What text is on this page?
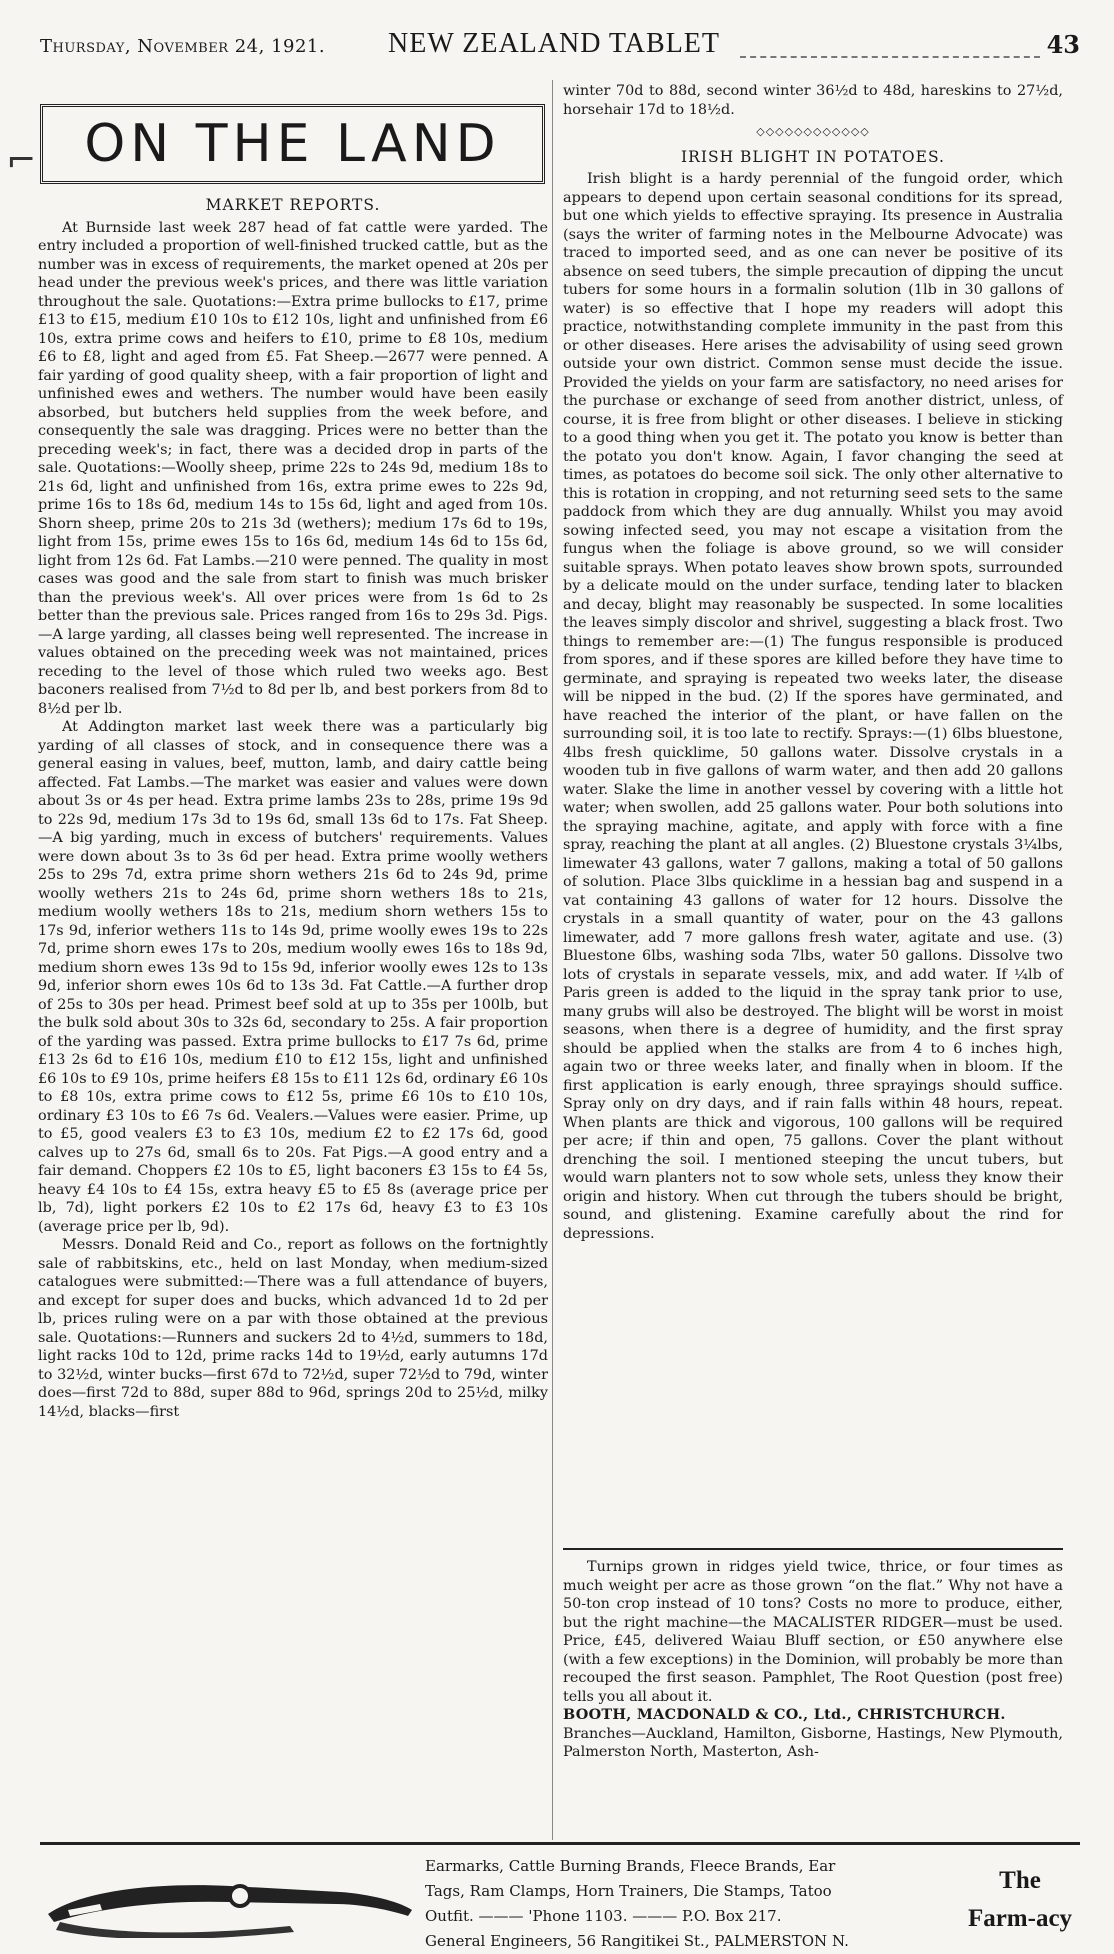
Thursday, November 24, 1921. NEW ZEALAND TABLET	43
⌐ ON THE LAND
MARKET REPORTS.

At Burnside last week 287 head of fat cattle were yarded. The entry included a proportion of well-finished trucked cattle, but as the number was in excess of requirements, the market opened at 20s per head under the previous week's prices, and there was little variation throughout the sale. Quotations:—Extra prime bullocks to £17, prime £13 to £15, medium £10 10s to £12 10s, light and unfinished from £6 10s, extra prime cows and heifers to £10, prime to £8 10s, medium £6 to £8, light and aged from £5. Fat Sheep.—2677 were penned. A fair yarding of good quality sheep, with a fair proportion of light and unfinished ewes and wethers. The number would have been easily absorbed, but butchers held supplies from the week before, and consequently the sale was dragging. Prices were no better than the preceding week's; in fact, there was a decided drop in parts of the sale. Quotations:—Woolly sheep, prime 22s to 24s 9d, medium 18s to 21s 6d, light and unfinished from 16s, extra prime ewes to 22s 9d, prime 16s to 18s 6d, medium 14s to 15s 6d, light and aged from 10s. Shorn sheep, prime 20s to 21s 3d (wethers); medium 17s 6d to 19s, light from 15s, prime ewes 15s to 16s 6d, medium 14s 6d to 15s 6d, light from 12s 6d. Fat Lambs.—210 were penned. The quality in most cases was good and the sale from start to finish was much brisker than the previous week's. All over prices were from 1s 6d to 2s better than the previous sale. Prices ranged from 16s to 29s 3d. Pigs.—A large yarding, all classes being well represented. The increase in values obtained on the preceding week was not maintained, prices receding to the level of those which ruled two weeks ago. Best baconers realised from 7½d to 8d per lb, and best porkers from 8d to 8½d per lb.

At Addington market last week there was a particularly big yarding of all classes of stock, and in consequence there was a general easing in values, beef, mutton, lamb, and dairy cattle being affected. Fat Lambs.—The market was easier and values were down about 3s or 4s per head. Extra prime lambs 23s to 28s, prime 19s 9d to 22s 9d, medium 17s 3d to 19s 6d, small 13s 6d to 17s. Fat Sheep.—A big yarding, much in excess of butchers' requirements. Values were down about 3s to 3s 6d per head. Extra prime woolly wethers 25s to 29s 7d, extra prime shorn wethers 21s 6d to 24s 9d, prime woolly wethers 21s to 24s 6d, prime shorn wethers 18s to 21s, medium woolly wethers 18s to 21s, medium shorn wethers 15s to 17s 9d, inferior wethers 11s to 14s 9d, prime woolly ewes 19s to 22s 7d, prime shorn ewes 17s to 20s, medium woolly ewes 16s to 18s 9d, medium shorn ewes 13s 9d to 15s 9d, inferior woolly ewes 12s to 13s 9d, inferior shorn ewes 10s 6d to 13s 3d. Fat Cattle.—A further drop of 25s to 30s per head. Primest beef sold at up to 35s per 100lb, but the bulk sold about 30s to 32s 6d, secondary to 25s. A fair proportion of the yarding was passed. Extra prime bullocks to £17 7s 6d, prime £13 2s 6d to £16 10s, medium £10 to £12 15s, light and unfinished £6 10s to £9 10s, prime heifers £8 15s to £11 12s 6d, ordinary £6 10s to £8 10s, extra prime cows to £12 5s, prime £6 10s to £10 10s, ordinary £3 10s to £6 7s 6d. Vealers.—Values were easier. Prime, up to £5, good vealers £3 to £3 10s, medium £2 to £2 17s 6d, good calves up to 27s 6d, small 6s to 20s. Fat Pigs.—A good entry and a fair demand. Choppers £2 10s to £5, light baconers £3 15s to £4 5s, heavy £4 10s to £4 15s, extra heavy £5 to £5 8s (average price per lb, 7d), light porkers £2 10s to £2 17s 6d, heavy £3 to £3 10s (average price per lb, 9d).

Messrs. Donald Reid and Co., report as follows on the fortnightly sale of rabbitskins, etc., held on last Monday, when medium-sized catalogues were submitted:—There was a full attendance of buyers, and except for super does and bucks, which advanced 1d to 2d per lb, prices ruling were on a par with those obtained at the previous sale. Quotations:—Runners and suckers 2d to 4½d, summers to 18d, light racks 10d to 12d, prime racks 14d to 19½d, early autumns 17d to 32½d, winter bucks—first 67d to 72½d, super 72½d to 79d, winter does—first 72d to 88d, super 88d to 96d, springs 20d to 25½d, milky 14½d, blacks—first

winter 70d to 88d, second winter 36½d to 48d, hareskins to 27½d, horsehair 17d to 18½d.

◇◇◇◇◇◇◇◇◇◇◇◇
IRISH BLIGHT IN POTATOES.

Irish blight is a hardy perennial of the fungoid order, which appears to depend upon certain seasonal conditions for its spread, but one which yields to effective spraying. Its presence in Australia (says the writer of farming notes in the Melbourne Advocate) was traced to imported seed, and as one can never be positive of its absence on seed tubers, the simple precaution of dipping the uncut tubers for some hours in a formalin solution (1lb in 30 gallons of water) is so effective that I hope my readers will adopt this practice, notwithstanding complete immunity in the past from this or other diseases. Here arises the advisability of using seed grown outside your own district. Common sense must decide the issue. Provided the yields on your farm are satisfactory, no need arises for the purchase or exchange of seed from another district, unless, of course, it is free from blight or other diseases. I believe in sticking to a good thing when you get it. The potato you know is better than the potato you don't know. Again, I favor changing the seed at times, as potatoes do become soil sick. The only other alternative to this is rotation in cropping, and not returning seed sets to the same paddock from which they are dug annually. Whilst you may avoid sowing infected seed, you may not escape a visitation from the fungus when the foliage is above ground, so we will consider suitable sprays. When potato leaves show brown spots, surrounded by a delicate mould on the under surface, tending later to blacken and decay, blight may reasonably be suspected. In some localities the leaves simply discolor and shrivel, suggesting a black frost. Two things to remember are:—(1) The fungus responsible is produced from spores, and if these spores are killed before they have time to germinate, and spraying is repeated two weeks later, the disease will be nipped in the bud. (2) If the spores have germinated, and have reached the interior of the plant, or have fallen on the surrounding soil, it is too late to rectify. Sprays:—(1) 6lbs bluestone, 4lbs fresh quicklime, 50 gallons water. Dissolve crystals in a wooden tub in five gallons of warm water, and then add 20 gallons water. Slake the lime in another vessel by covering with a little hot water; when swollen, add 25 gallons water. Pour both solutions into the spraying machine, agitate, and apply with force with a fine spray, reaching the plant at all angles. (2) Bluestone crystals 3¼lbs, limewater 43 gallons, water 7 gallons, making a total of 50 gallons of solution. Place 3lbs quicklime in a hessian bag and suspend in a vat containing 43 gallons of water for 12 hours. Dissolve the crystals in a small quantity of water, pour on the 43 gallons limewater, add 7 more gallons fresh water, agitate and use. (3) Bluestone 6lbs, washing soda 7lbs, water 50 gallons. Dissolve two lots of crystals in separate vessels, mix, and add water. If ¼lb of Paris green is added to the liquid in the spray tank prior to use, many grubs will also be destroyed. The blight will be worst in moist seasons, when there is a degree of humidity, and the first spray should be applied when the stalks are from 4 to 6 inches high, again two or three weeks later, and finally when in bloom. If the first application is early enough, three sprayings should suffice. Spray only on dry days, and if rain falls within 48 hours, repeat. When plants are thick and vigorous, 100 gallons will be required per acre; if thin and open, 75 gallons. Cover the plant without drenching the soil. I mentioned steeping the uncut tubers, but would warn planters not to sow whole sets, unless they know their origin and history. When cut through the tubers should be bright, sound, and glistening. Examine carefully about the rind for depressions.

Turnips grown in ridges yield twice, thrice, or four times as much weight per acre as those grown “on the flat.” Why not have a 50-ton crop instead of 10 tons? Costs no more to produce, either, but the right machine—the MACALISTER RIDGER—must be used. Price, £45, delivered Waiau Bluff section, or £50 anywhere else (with a few exceptions) in the Dominion, will probably be more than recouped the first season. Pamphlet, The Root Question (post free) tells you all about it.

BOOTH, MACDONALD & CO., Ltd., CHRISTCHURCH.

Branches—Auckland, Hamilton, Gisborne, Hastings, New Plymouth, Palmerston North, Masterton, Ash-

Earmarks, Cattle Burning Brands, Fleece Brands, Ear
Tags, Ram Clamps, Horn Trainers, Die Stamps, Tatoo
Outfit. ——— 'Phone 1103. ——— P.O. Box 217.
General Engineers, 56 Rangitikei St., PALMERSTON N.
The
Farm-acy
